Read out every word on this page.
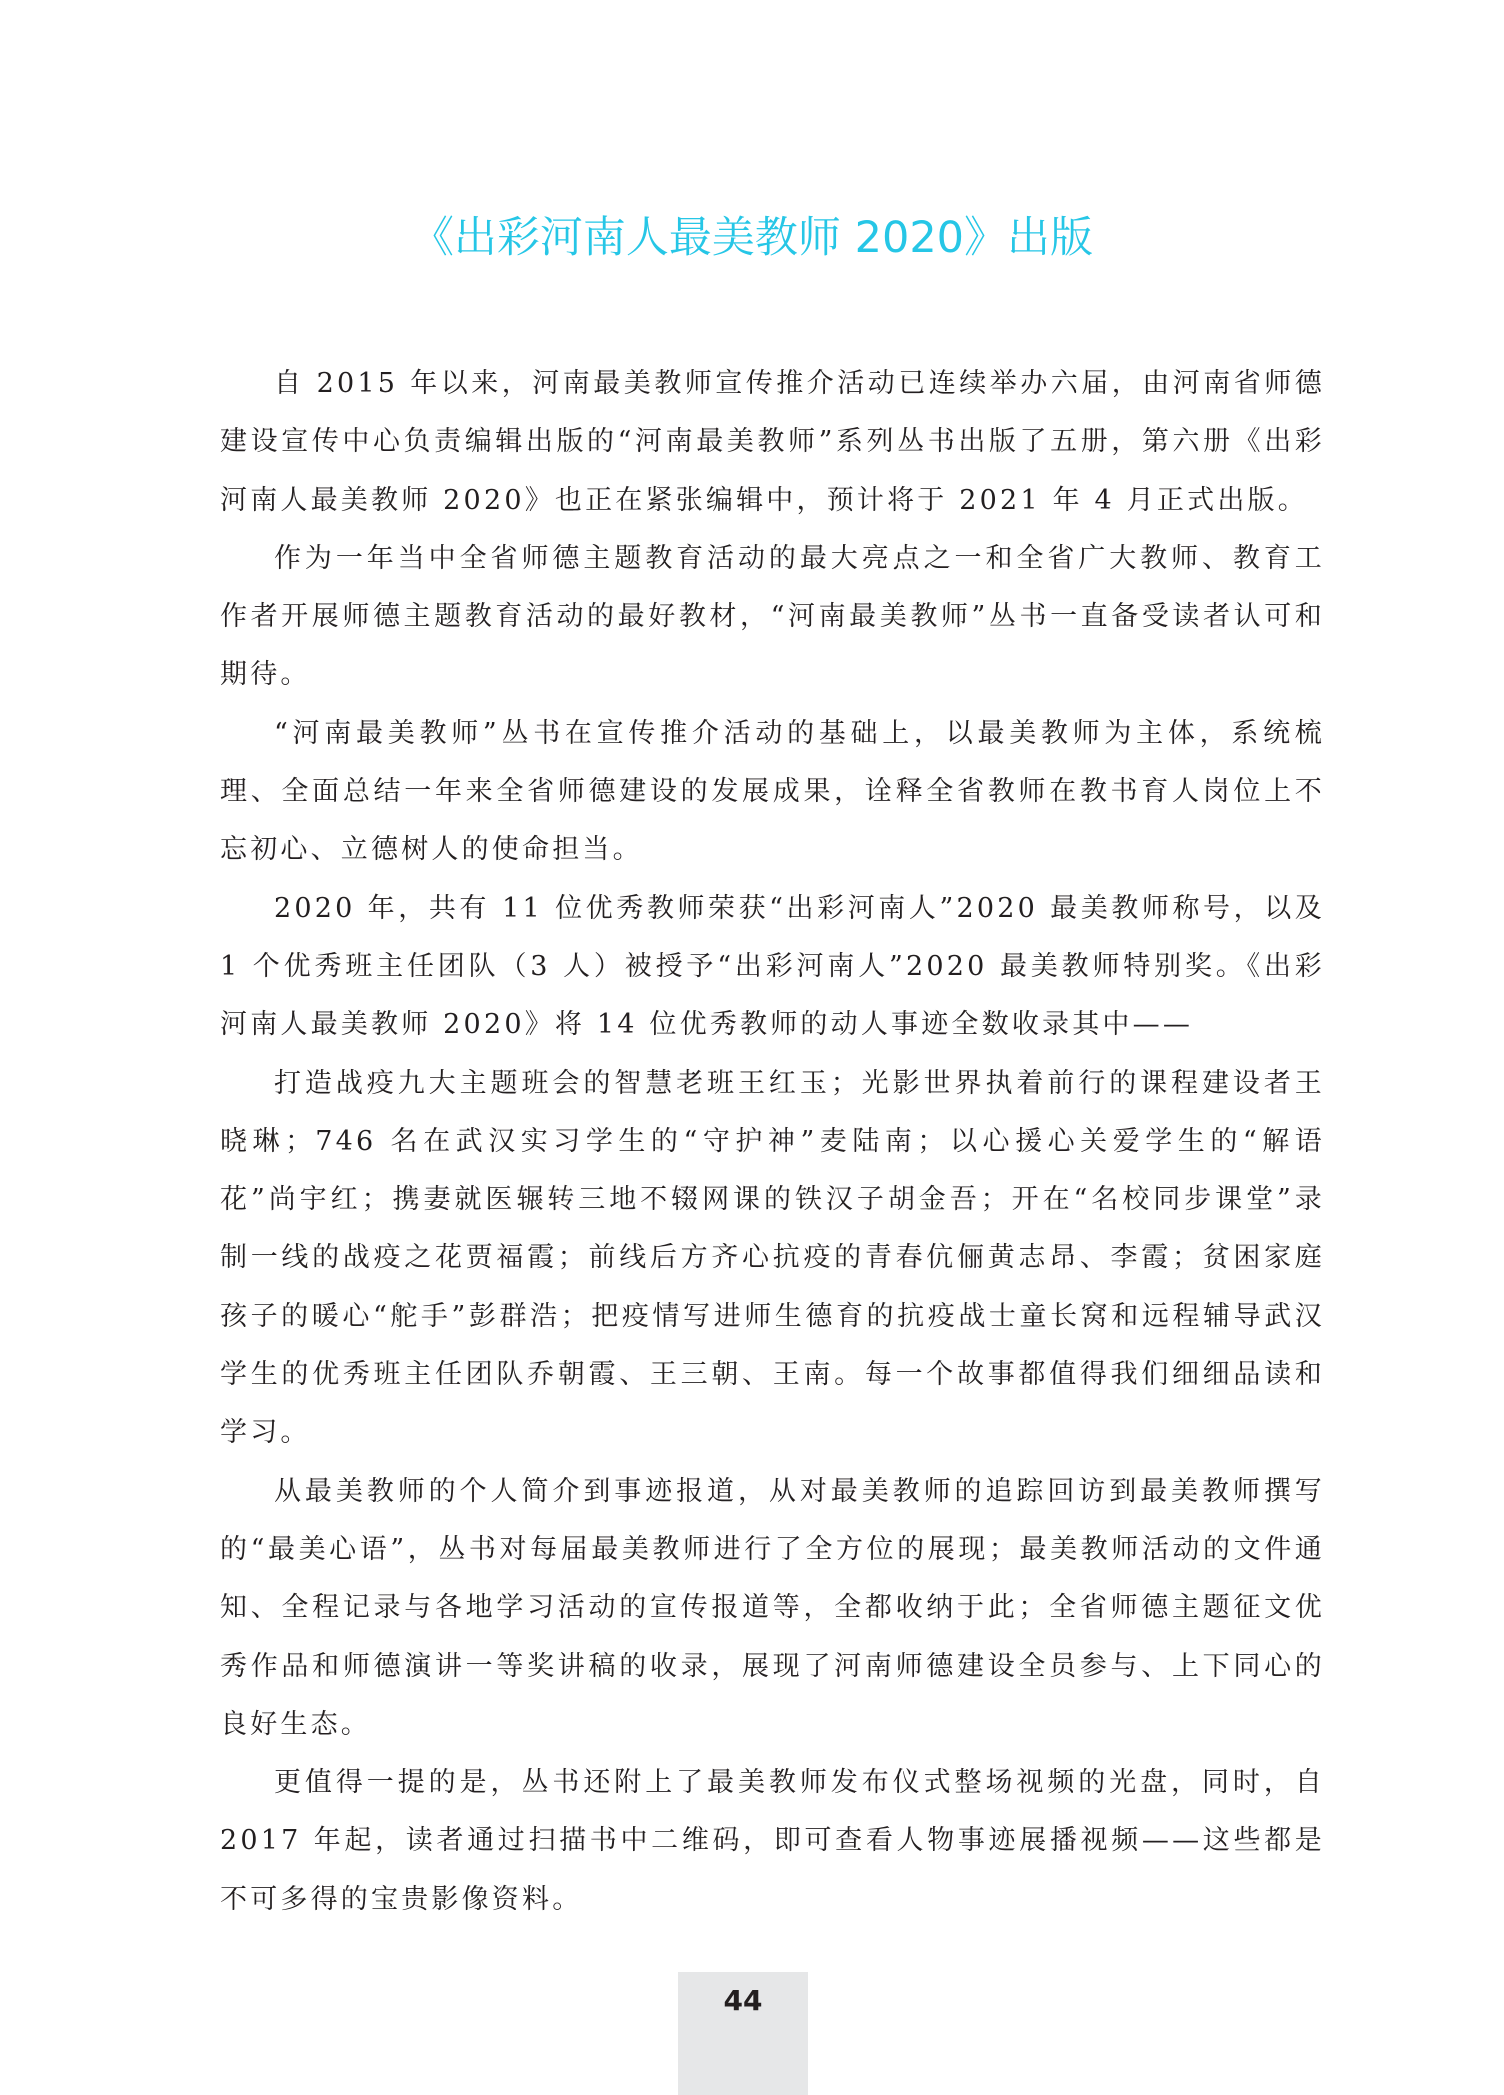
《出彩河南人最美教师 2020》出版

自 2015 年以来，河南最美教师宣传推介活动已连续举办六届，由河南省师德建设宣传中心负责编辑出版的“河南最美教师”系列丛书出版了五册，第六册《出彩河南人最美教师 2020》也正在紧张编辑中，预计将于 2021 年 4 月正式出版。

作为一年当中全省师德主题教育活动的最大亮点之一和全省广大教师、教育工作者开展师德主题教育活动的最好教材，“河南最美教师”丛书一直备受读者认可和期待。

“河南最美教师”丛书在宣传推介活动的基础上，以最美教师为主体，系统梳理、全面总结一年来全省师德建设的发展成果，诠释全省教师在教书育人岗位上不忘初心、立德树人的使命担当。

2020 年，共有 11 位优秀教师荣获“出彩河南人”2020 最美教师称号，以及 1 个优秀班主任团队（3 人）被授予“出彩河南人”2020 最美教师特别奖。《出彩河南人最美教师 2020》将 14 位优秀教师的动人事迹全数收录其中——

打造战疫九大主题班会的智慧老班王红玉；光影世界执着前行的课程建设者王晓琳；746 名在武汉实习学生的“守护神”麦陆南；以心援心关爱学生的“解语花”尚宇红；携妻就医辗转三地不辍网课的铁汉子胡金吾；开在“名校同步课堂”录制一线的战疫之花贾福霞；前线后方齐心抗疫的青春伉俪黄志昂、李霞；贫困家庭孩子的暖心“舵手”彭群浩；把疫情写进师生德育的抗疫战士童长窝和远程辅导武汉学生的优秀班主任团队乔朝霞、王三朝、王南。每一个故事都值得我们细细品读和学习。

从最美教师的个人简介到事迹报道，从对最美教师的追踪回访到最美教师撰写的“最美心语”，丛书对每届最美教师进行了全方位的展现；最美教师活动的文件通知、全程记录与各地学习活动的宣传报道等，全都收纳于此；全省师德主题征文优秀作品和师德演讲一等奖讲稿的收录，展现了河南师德建设全员参与、上下同心的良好生态。

更值得一提的是，丛书还附上了最美教师发布仪式整场视频的光盘，同时，自 2017 年起，读者通过扫描书中二维码，即可查看人物事迹展播视频——这些都是不可多得的宝贵影像资料。

44
